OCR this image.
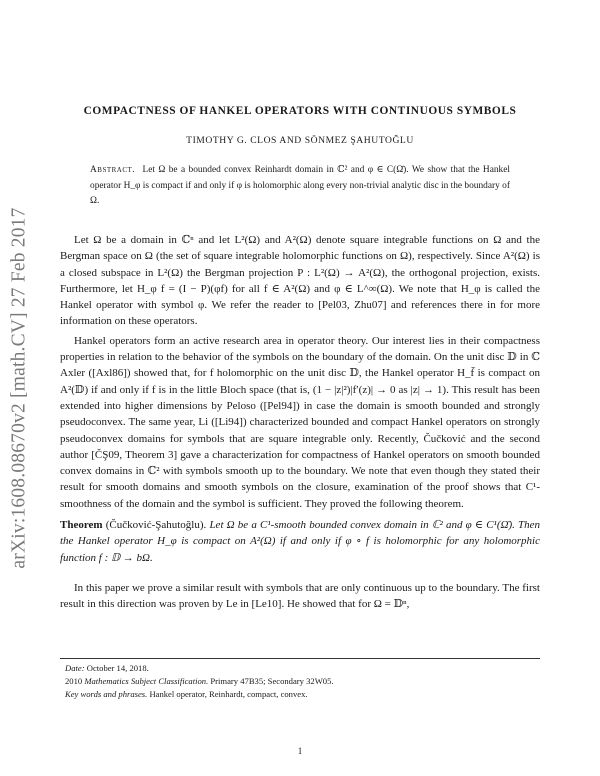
arXiv:1608.08670v2 [math.CV] 27 Feb 2017
COMPACTNESS OF HANKEL OPERATORS WITH CONTINUOUS SYMBOLS
TIMOTHY G. CLOS AND SÖNMEZ ŞAHUTOĞLU
Abstract. Let Ω be a bounded convex Reinhardt domain in ℂ² and φ ∈ C(Ω̄). We show that the Hankel operator H_φ is compact if and only if φ is holomorphic along every non-trivial analytic disc in the boundary of Ω.

Let Ω be a domain in ℂⁿ and let L²(Ω) and A²(Ω) denote square integrable functions on Ω and the Bergman space on Ω (the set of square integrable holomorphic functions on Ω), respectively. Since A²(Ω) is a closed subspace in L²(Ω) the Bergman projection P : L²(Ω) → A²(Ω), the orthogonal projection, exists. Furthermore, let H_φ f = (I − P)(φf) for all f ∈ A²(Ω) and φ ∈ L^∞(Ω). We note that H_φ is called the Hankel operator with symbol φ. We refer the reader to [Pel03, Zhu07] and references there in for more information on these operators.

Hankel operators form an active research area in operator theory. Our interest lies in their compactness properties in relation to the behavior of the symbols on the boundary of the domain. On the unit disc 𝔻 in ℂ Axler ([Axl86]) showed that, for f holomorphic on the unit disc 𝔻, the Hankel operator H_f̄ is compact on A²(𝔻) if and only if f is in the little Bloch space (that is, (1 − |z|²)|f′(z)| → 0 as |z| → 1). This result has been extended into higher dimensions by Peloso ([Pel94]) in case the domain is smooth bounded and strongly pseudoconvex. The same year, Li ([Li94]) characterized bounded and compact Hankel operators on strongly pseudoconvex domains for symbols that are square integrable only. Recently, Čučković and the second author [ČŞ09, Theorem 3] gave a characterization for compactness of Hankel operators on smooth bounded convex domains in ℂ² with symbols smooth up to the boundary. We note that even though they stated their result for smooth domains and smooth symbols on the closure, examination of the proof shows that C¹-smoothness of the domain and the symbol is sufficient. They proved the following theorem.

Theorem (Čučković-Şahutoğlu). Let Ω be a C¹-smooth bounded convex domain in ℂ² and φ ∈ C¹(Ω̄). Then the Hankel operator H_φ is compact on A²(Ω) if and only if φ ∘ f is holomorphic for any holomorphic function f : 𝔻 → bΩ.

In this paper we prove a similar result with symbols that are only continuous up to the boundary. The first result in this direction was proven by Le in [Le10]. He showed that for Ω = 𝔻ⁿ,

Date: October 14, 2018.

2010 Mathematics Subject Classification. Primary 47B35; Secondary 32W05.

Key words and phrases. Hankel operator, Reinhardt, compact, convex.

1
